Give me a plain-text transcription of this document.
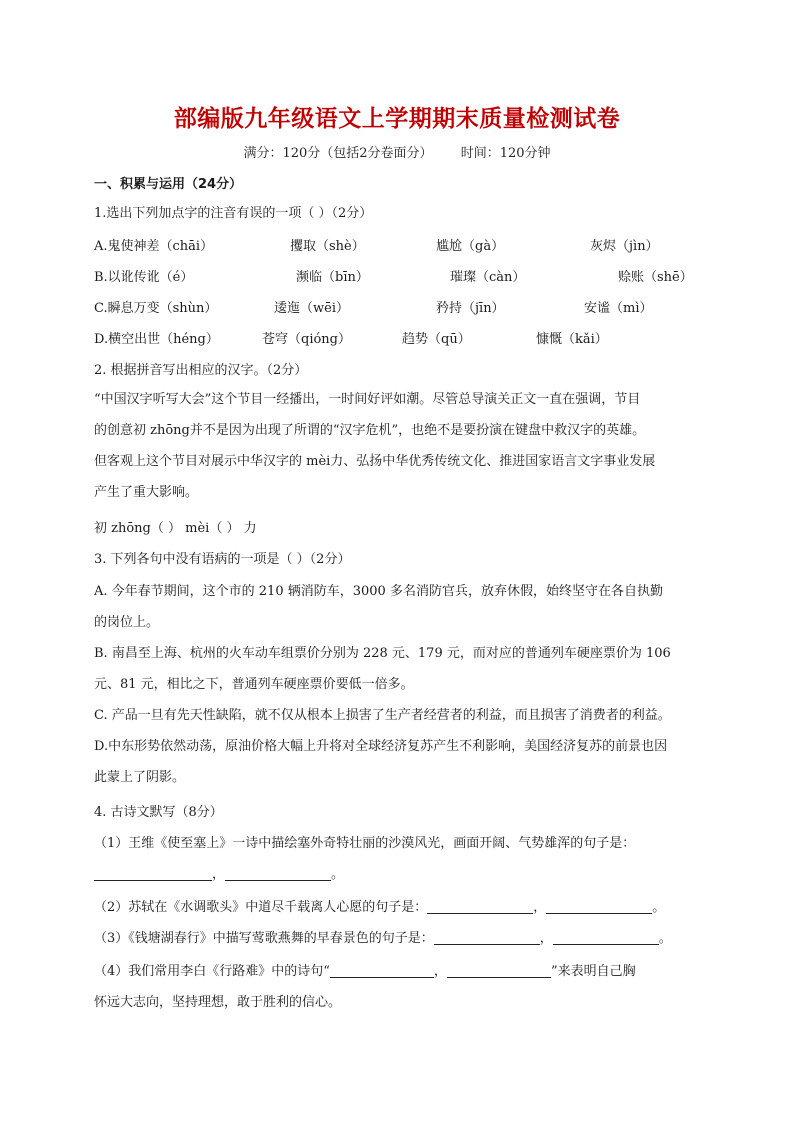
部编版九年级语文上学期期末质量检测试卷
满分：120分（包括2分卷面分） 时间：120分钟
一、积累与运用（24分）
1.选出下列加点字的注音有误的一项（ ）（2分）
A.鬼使神差（chāi）	攫取（shè）	尴尬（gà）	灰烬（jìn）
B.以讹传讹（é）	濒临（bīn）	璀璨（càn）	赊账（shē）
C.瞬息万变（shùn）	逶迤（wēi）	矜持（jīn）	安谧（mì）
D.横空出世（héng）	苍穹（qióng）	趋势（qū）	慷慨（kǎi）
2. 根据拼音写出相应的汉字。（2分）
“中国汉字听写大会”这个节目一经播出，一时间好评如潮。尽管总导演关正文一直在强调，节目
的创意初 zhōng并不是因为出现了所谓的“汉字危机”，也绝不是要扮演在键盘中救汉字的英雄。
但客观上这个节目对展示中华汉字的 mèi力、弘扬中华优秀传统文化、推进国家语言文字事业发展
产生了重大影响。
初 zhōng（ ） mèi（ ） 力
3. 下列各句中没有语病的一项是（ ）（2分）
A. 今年春节期间，这个市的 210 辆消防车，3000 多名消防官兵，放弃休假，始终坚守在各自执勤
的岗位上。
B. 南昌至上海、杭州的火车动车组票价分别为 228 元、179 元，而对应的普通列车硬座票价为 106
元、81 元，相比之下，普通列车硬座票价要低一倍多。
C. 产品一旦有先天性缺陷，就不仅从根本上损害了生产者经营者的利益，而且损害了消费者的利益。
D.中东形势依然动荡，原油价格大幅上升将对全球经济复苏产生不利影响，美国经济复苏的前景也因
此蒙上了阴影。
4. 古诗文默写（8分）
（1）王维《使至塞上》一诗中描绘塞外奇特壮丽的沙漠风光，画面开阔、气势雄浑的句子是：
，	。
（2）苏轼在《水调歌头》中道尽千载离人心愿的句子是：	，	。
（3）《钱塘湖春行》中描写莺歌燕舞的早春景色的句子是：	，	。
（4）我们常用李白《行路难》中的诗句“	，	”来表明自己胸
怀远大志向，坚持理想，敢于胜利的信心。
